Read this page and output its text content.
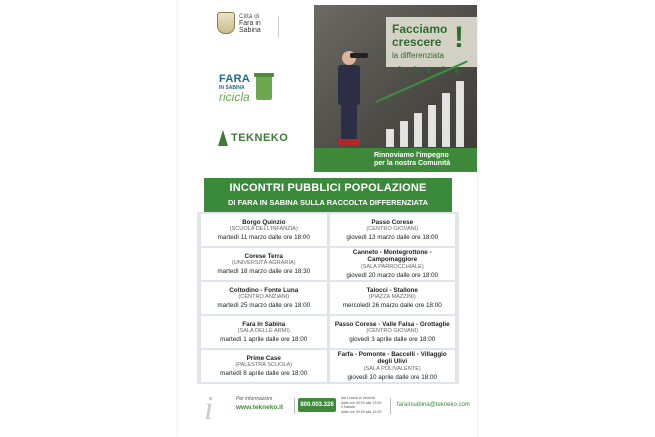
Città di
Fara in
Sabina
FARA
IN SABINA
ricicla
TEKNEKO
Facciamo
crescere
la differenziata
!
♺ ♻ ▮ ♻ ▮
Rinnoviamo l'impegno
per la nostra Comunità
INCONTRI PUBBLICI POPOLAZIONE
DI FARA IN SABINA SULLA RACCOLTA DIFFERENZIATA
Borgo Quinzio
(SCUOLA DELL'INFANZIA)
martedì 11 marzo dalle ore 18:00
Passo Corese
(CENTRO GIOVANI)
giovedì 13 marzo dalle ore 18:00
Corese Terra
(UNIVERSITÀ AGRARIA)
martedì 18 marzo dalle ore 18:30
Canneto - Montegrottone - Campomaggiore
(SALA PARROCCHIALE)
giovedì 20 marzo dalle ore 18:00
Coltodino - Fonte Luna
(CENTRO ANZIANI)
martedì 25 marzo dalle ore 18:00
Talocci - Stallone
(PIAZZA MAZZINI)
mercoledì 26 marzo dalle ore 18:00
Fara In Sabina
(SALA DELLE ARMI)
martedì 1 aprile dalle ore 18:00
Passo Corese - Valle Falsa - Grottaglie
(CENTRO GIOVANI)
giovedì 3 aprile dalle ore 18:00
Prime Case
(PALESTRA SCUOLA)
martedì 8 aprile dalle ore 18:00
Farfa - Pomonte - Baccelli - Villaggio degli Ulivi
(SALA POLIVALENTE)
giovedì 10 aprile dalle ore 18:00
i	Per informazioni
www.tekneko.it	800.003.328
dal Lunedì al Venerdì
dalle ore 09:00 alle 13:00
il Sabato
dalle ore 09:00 alle 12:00
farainsabina@tekneko.com
